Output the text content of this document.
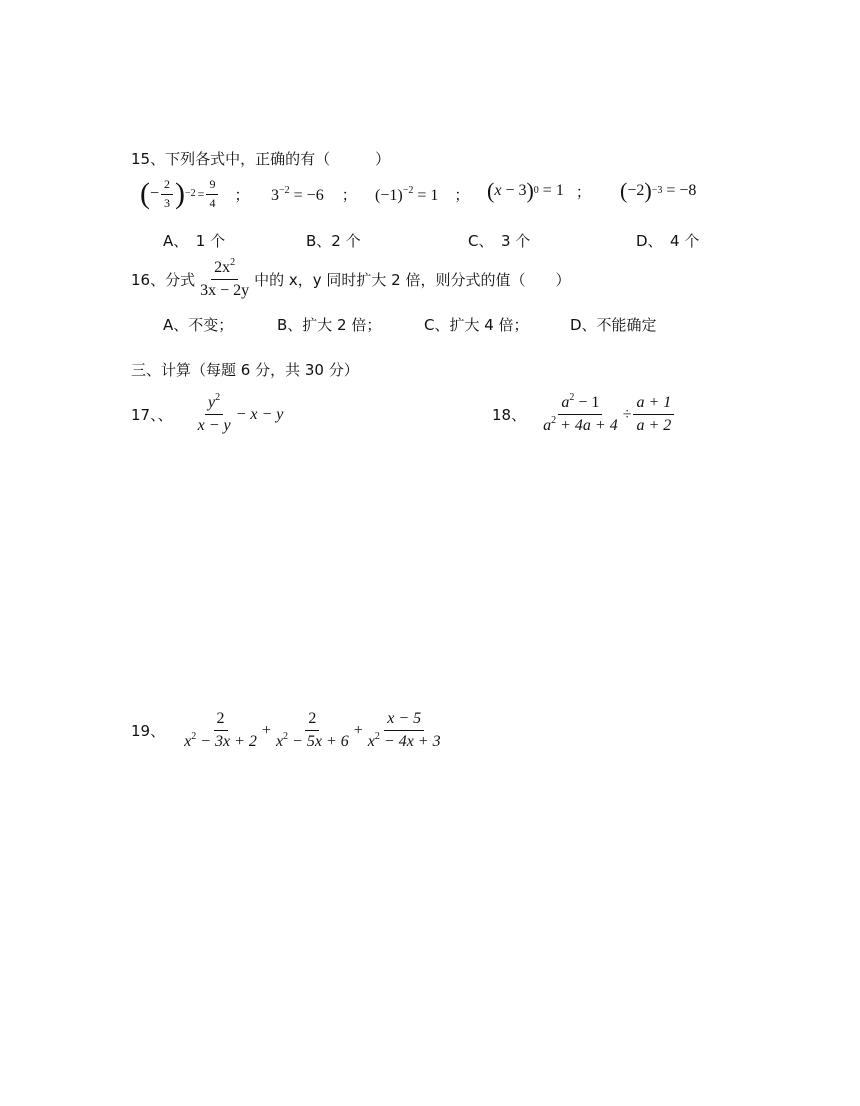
15、下列各式中，正确的有（　　　）
( − $\frac{2}{3}$ ) $-2 = \frac{9}{4}$ ； $3^{-2} = -6$ ； $(-1)^{-2} = 1$ ； ( x − 3 ) 0 = 1 ； ( −2 ) −3 = −8
A、　1 个	B、2 个	C、　3 个	D、　4 个
16、分式 $\frac{2x^2}{3x - 2y}$ 中的 x，y 同时扩大 2 倍，则分式的值（　　）
A、不变；	B、扩大 2 倍；	C、扩大 4 倍；	D、不能确定
三、计算（每题 6 分，共 30 分）
17、、 $\frac{y^2}{x - y} - x - y$	18、 $\frac{a^2 - 1}{a^2 + 4a + 4} \div \frac{a + 1}{a + 2}$
19、 $\frac{2}{x^2 - 3x + 2} + \frac{2}{x^2 - 5x + 6} + \frac{x - 5}{x^2 - 4x + 3}$
